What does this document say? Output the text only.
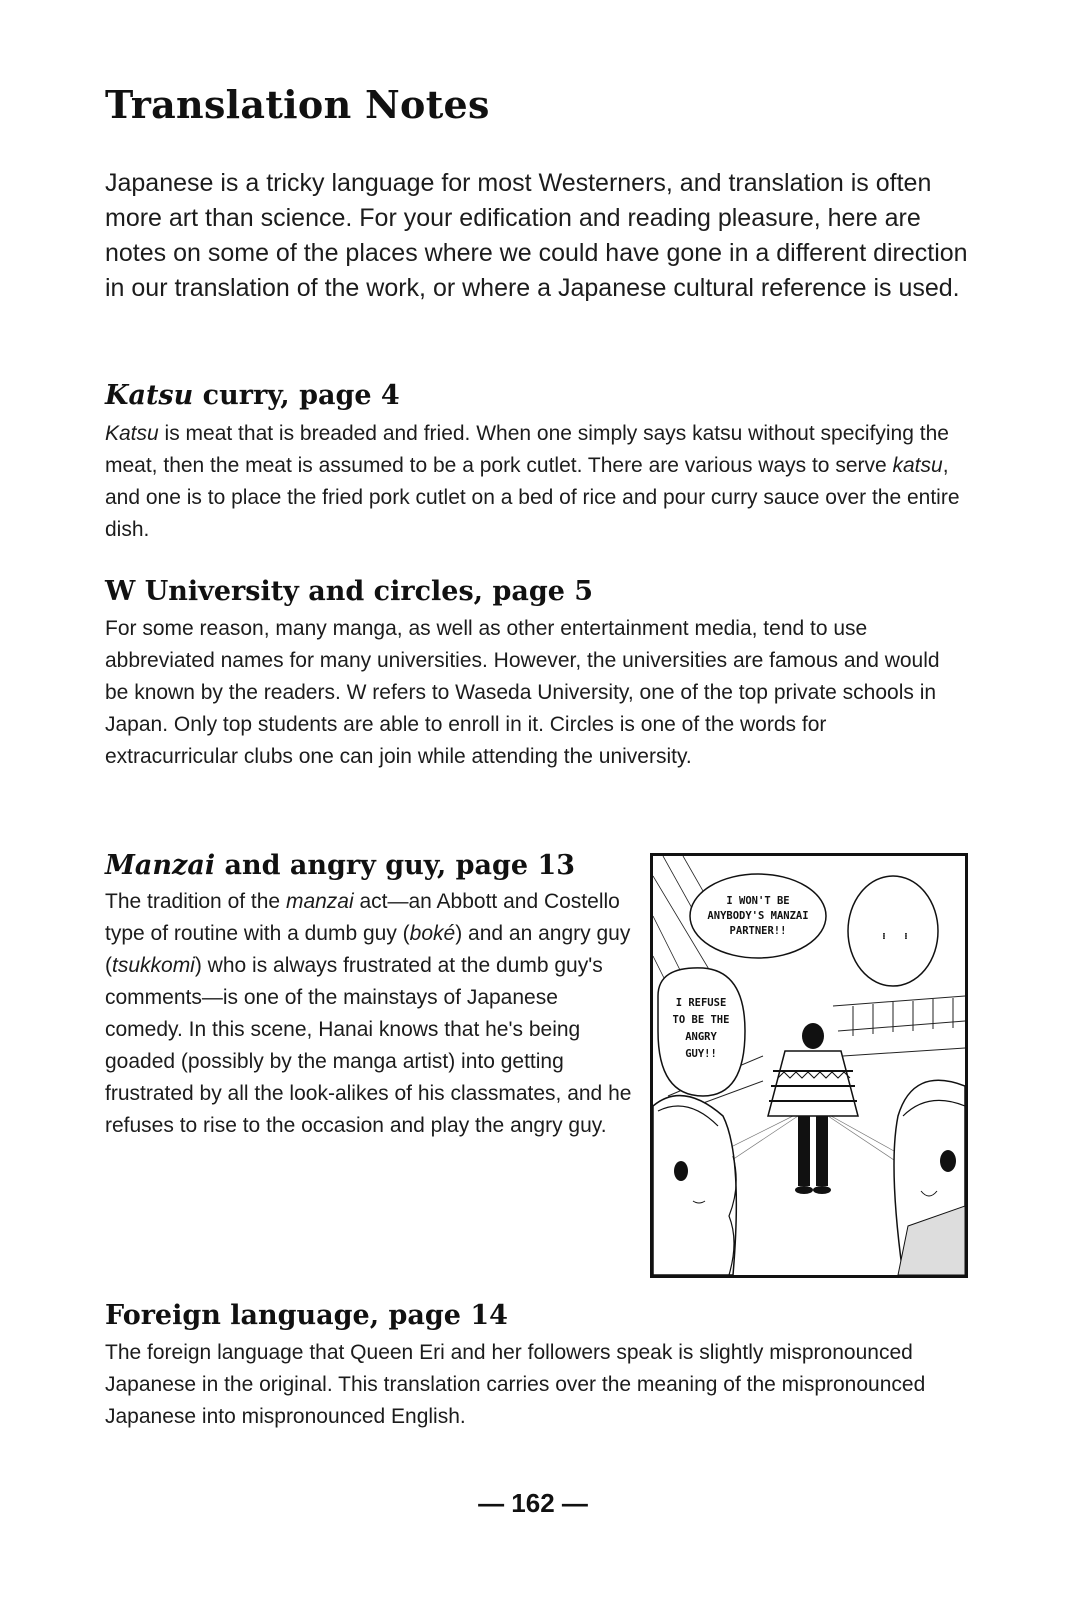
Translation Notes
Japanese is a tricky language for most Westerners, and translation is often more art than science. For your edification and reading pleasure, here are notes on some of the places where we could have gone in a different direction in our translation of the work, or where a Japanese cultural reference is used.
Katsu curry, page 4
Katsu is meat that is breaded and fried. When one simply says katsu without specifying the meat, then the meat is assumed to be a pork cutlet. There are various ways to serve katsu, and one is to place the fried pork cutlet on a bed of rice and pour curry sauce over the entire dish.
W University and circles, page 5
For some reason, many manga, as well as other entertainment media, tend to use abbreviated names for many universities. However, the universities are famous and would be known by the readers. W refers to Waseda University, one of the top private schools in Japan. Only top students are able to enroll in it. Circles is one of the words for extracurricular clubs one can join while attending the university.
Manzai and angry guy, page 13
The tradition of the manzai act—an Abbott and Costello type of routine with a dumb guy (boké) and an angry guy (tsukkomi) who is always frustrated at the dumb guy's comments—is one of the mainstays of Japanese comedy. In this scene, Hanai knows that he's being goaded (possibly by the manga artist) into getting frustrated by all the look-alikes of his classmates, and he refuses to rise to the occasion and play the angry guy.
I WON'T BE
ANYBODY'S MANZAI
PARTNER!!	… …
I REFUSE
TO BE THE
ANGRY
GUY!!
Foreign language, page 14
The foreign language that Queen Eri and her followers speak is slightly mispronounced Japanese in the original. This translation carries over the meaning of the mispronounced Japanese into mispronounced English.
— 162 —
